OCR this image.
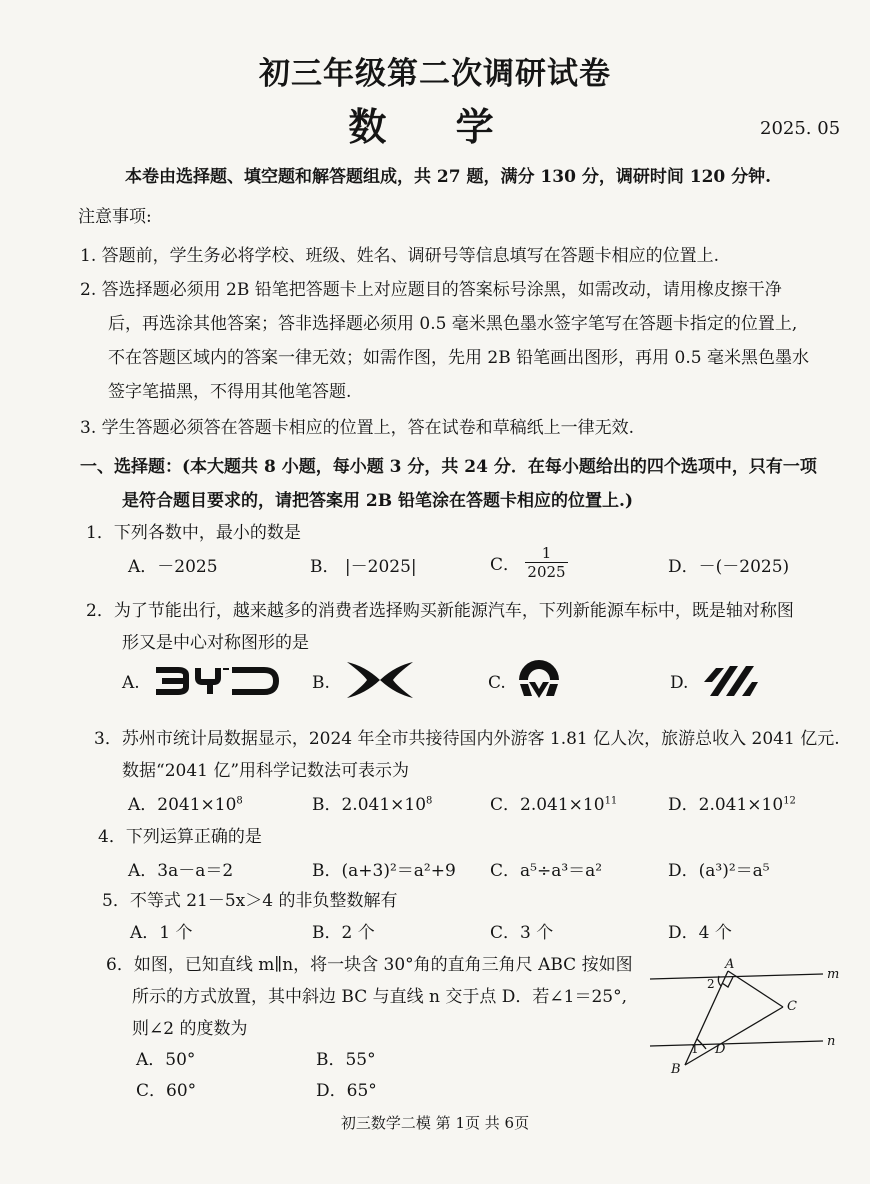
初三年级第二次调研试卷
数 学	2025. 05
本卷由选择题、填空题和解答题组成，共 27 题，满分 130 分，调研时间 120 分钟.
注意事项:
1. 答题前，学生务必将学校、班级、姓名、调研号等信息填写在答题卡相应的位置上.
2. 答选择题必须用 2B 铅笔把答题卡上对应题目的答案标号涂黑，如需改动，请用橡皮擦干净
后，再选涂其他答案；答非选择题必须用 0.5 毫米黑色墨水签字笔写在答题卡指定的位置上,
不在答题区域内的答案一律无效；如需作图，先用 2B 铅笔画出图形，再用 0.5 毫米黑色墨水
签字笔描黑，不得用其他笔答题.
3. 学生答题必须答在答题卡相应的位置上，答在试卷和草稿纸上一律无效.
一、选择题：(本大题共 8 小题，每小题 3 分，共 24 分．在每小题给出的四个选项中，只有一项
是符合题目要求的，请把答案用 2B 铅笔涂在答题卡相应的位置上.)
1．下列各数中，最小的数是
A．－2025	B． |－2025|	C． $\frac{1}{2025}$	D．－(－2025)
2．为了节能出行，越来越多的消费者选择购买新能源汽车，下列新能源车标中，既是轴对称图
形又是中心对称图形的是
A.	B.	C.	D.
3．苏州市统计局数据显示，2024 年全市共接待国内外游客 1.81 亿人次，旅游总收入 2041 亿元.
数据“2041 亿”用科学记数法可表示为
A．$2041\times 10^8$	B．$2.041\times 10^8$	C．$2.041\times 10^{11}$	D．$2.041\times 10^{12}$
4．下列运算正确的是
A．3a－a＝2	B．(a+3)²＝a²+9 C．a⁵÷a³＝a²	D．(a³)²＝a⁵
5．不等式 21－5x＞4 的非负整数解有
A．1 个	B．2 个	C．3 个	D．4 个
6．如图，已知直线 m∥n，将一块含 30°角的直角三角尺 ABC 按如图
所示的方式放置，其中斜边 BC 与直线 n 交于点 D．若∠1＝25°,
则∠2 的度数为
A．50°	B．55°
C．60°	D．65°
m
n
A
C
B
D
2
1
初三数学二模 第 1页 共 6页
